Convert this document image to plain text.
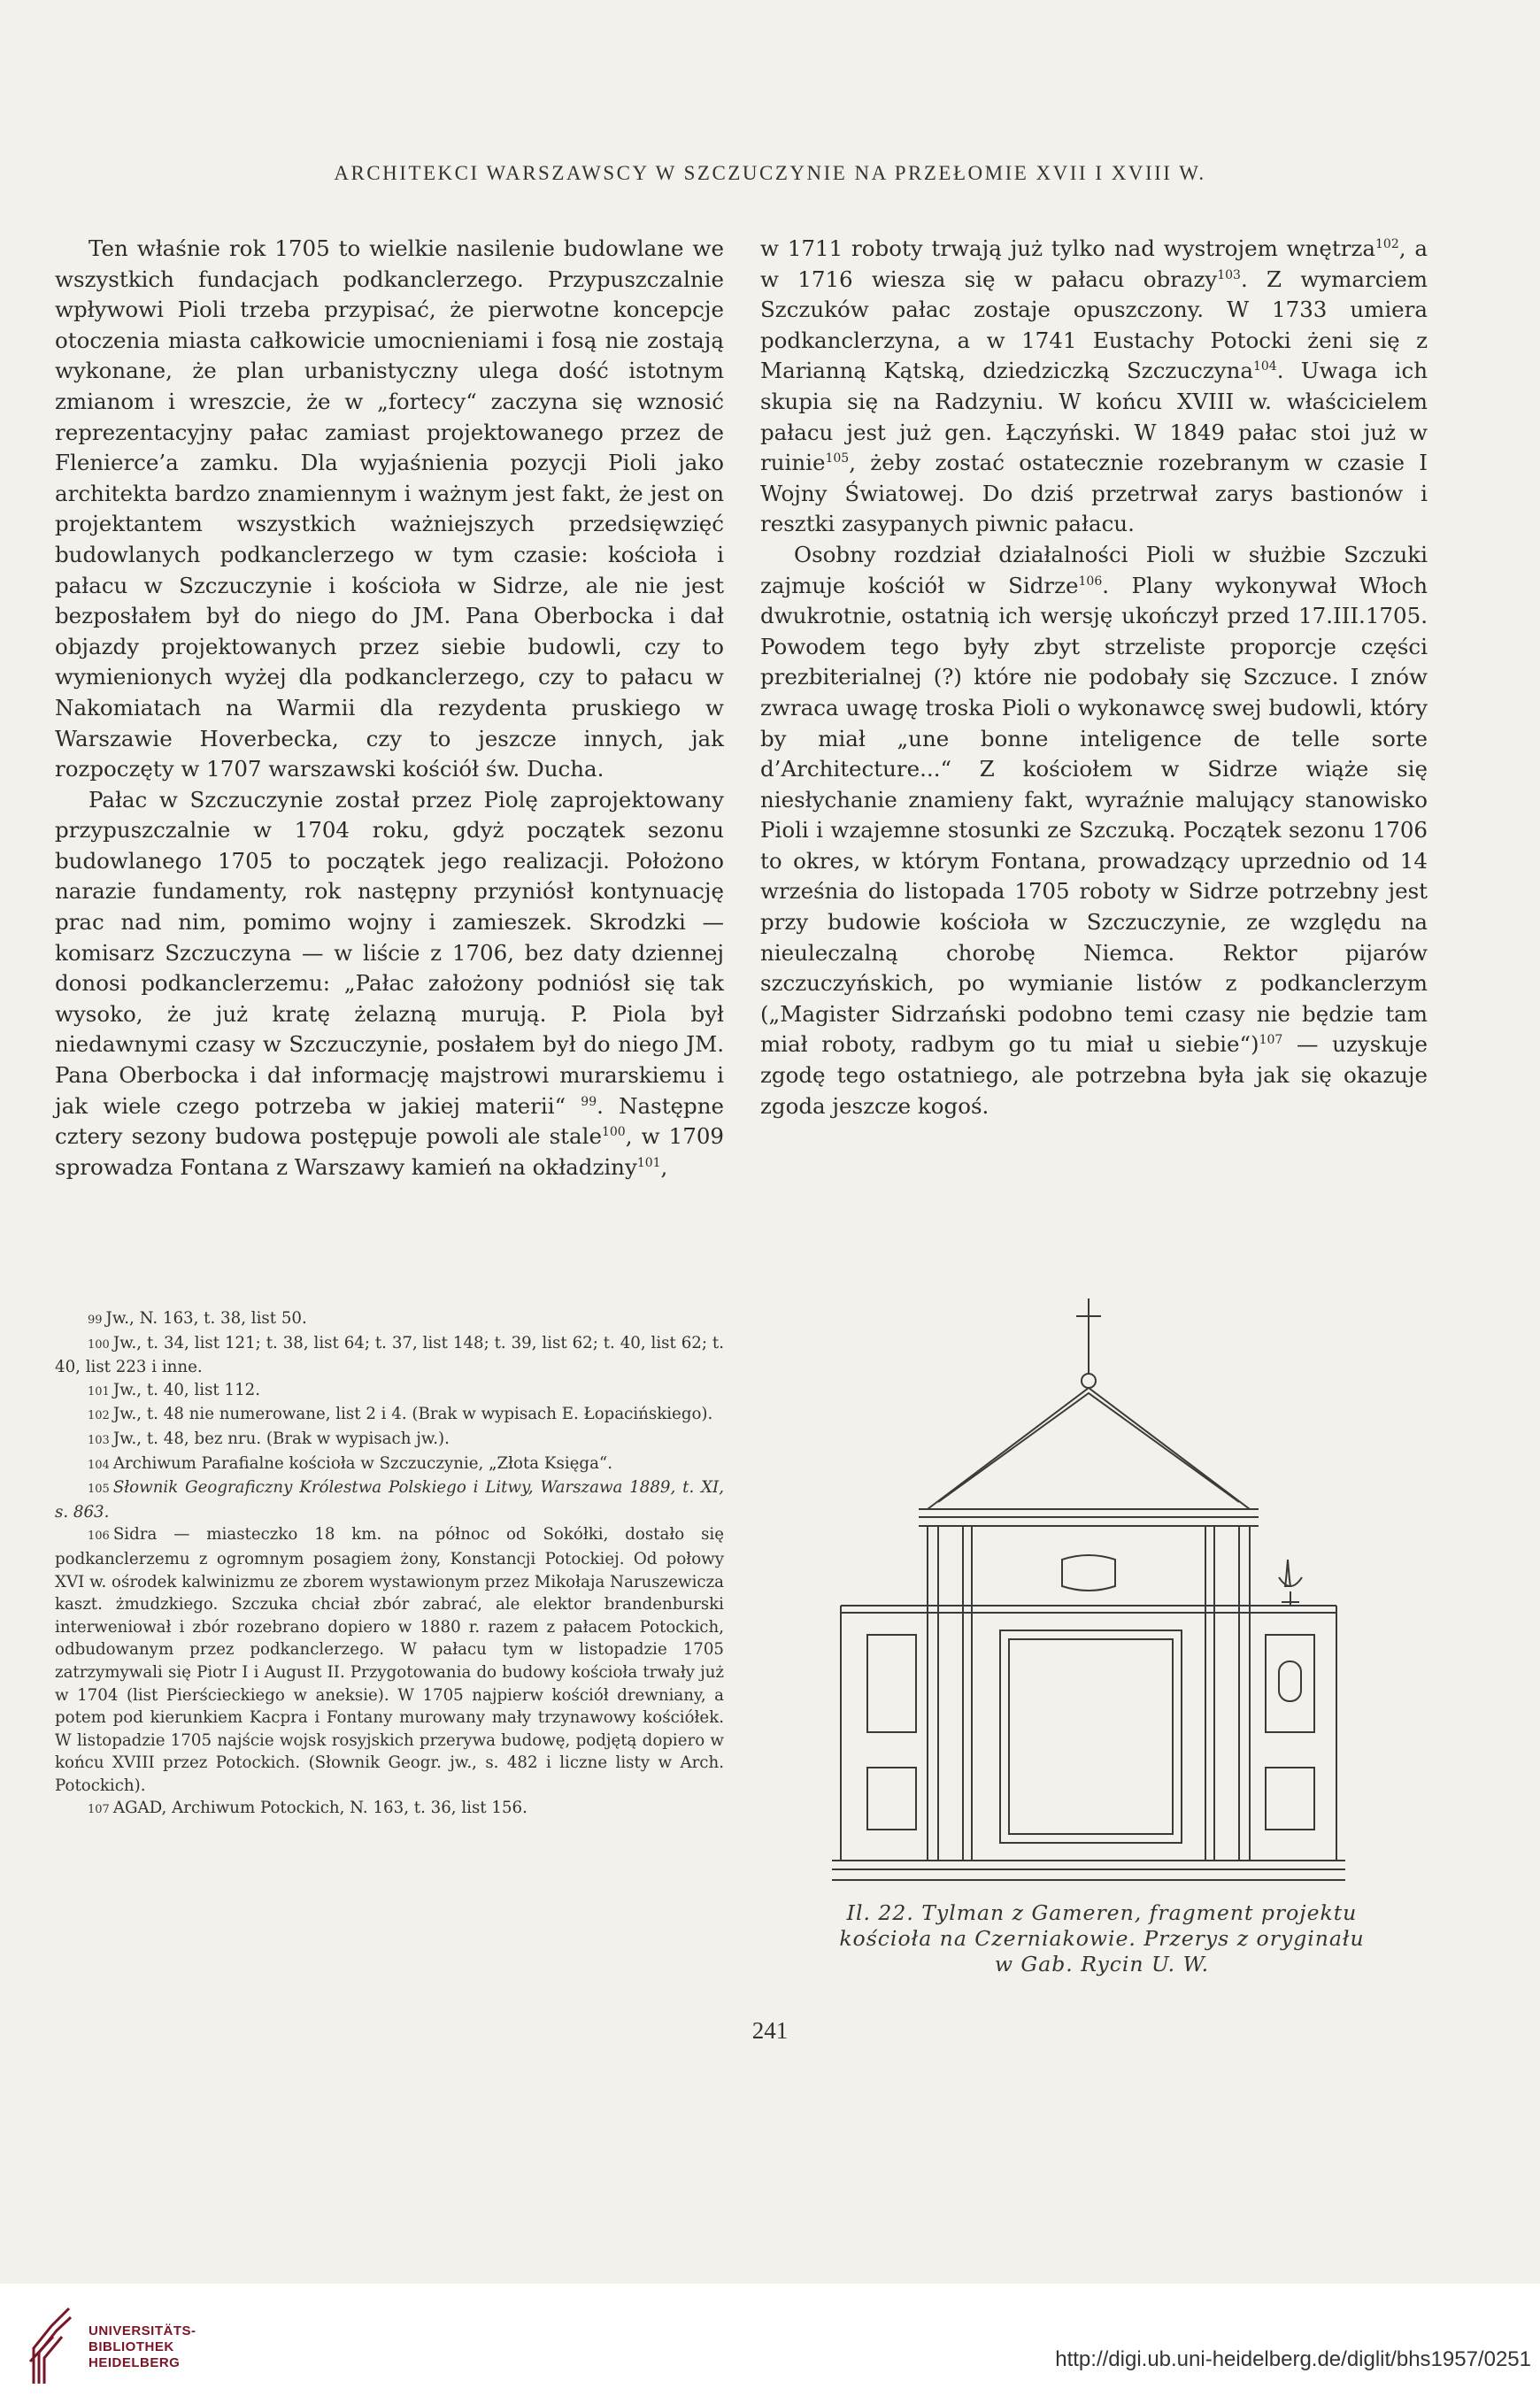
ARCHITEKCI WARSZAWSCY W SZCZUCZYNIE NA PRZEŁOMIE XVII I XVIII W.

Ten właśnie rok 1705 to wielkie nasilenie budowlane we wszystkich fundacjach podkanclerzego. Przypuszczalnie wpływowi Pioli trzeba przypisać, że pierwotne koncepcje otoczenia miasta całkowicie umocnieniami i fosą nie zostają wykonane, że plan urbanistyczny ulega dość istotnym zmianom i wreszcie, że w „fortecy“ zaczyna się wznosić reprezentacyjny pałac zamiast projektowanego przez de Flenierce’a zamku. Dla wyjaśnienia pozycji Pioli jako architekta bardzo znamiennym i ważnym jest fakt, że jest on projektantem wszystkich ważniejszych przedsięwzięć budowlanych podkanclerzego w tym czasie: kościoła i pałacu w Szczuczynie i kościoła w Sidrze, ale nie jest bezposłałem był do niego do JM. Pana Oberbocka i dał objazdy projektowanych przez siebie budowli, czy to wymienionych wyżej dla podkanclerzego, czy to pałacu w Nakomiatach na Warmii dla rezydenta pruskiego w Warszawie Hoverbecka, czy to jeszcze innych, jak rozpoczęty w 1707 warszawski kościół św. Ducha.

Pałac w Szczuczynie został przez Piolę zaprojektowany przypuszczalnie w 1704 roku, gdyż początek sezonu budowlanego 1705 to początek jego realizacji. Położono narazie fundamenty, rok następny przyniósł kontynuację prac nad nim, pomimo wojny i zamieszek. Skrodzki — komisarz Szczuczyna — w liście z 1706, bez daty dziennej donosi podkanclerzemu: „Pałac założony podniósł się tak wysoko, że już kratę żelazną murują. P. Piola był niedawnymi czasy w Szczuczynie, posłałem był do niego JM. Pana Oberbocka i dał informację majstrowi murarskiemu i jak wiele czego potrzeba w jakiej materii“ $^{99}$. Następne cztery sezony budowa postępuje powoli ale stale$^{100}$, w 1709 sprowadza Fontana z Warszawy kamień na okładziny$^{101}$,

w 1711 roboty trwają już tylko nad wystrojem wnętrza$^{102}$, a w 1716 wiesza się w pałacu obrazy$^{103}$. Z wymarciem Szczuków pałac zostaje opuszczony. W 1733 umiera podkanclerzyna, a w 1741 Eustachy Potocki żeni się z Marianną Kątską, dziedziczką Szczuczyna$^{104}$. Uwaga ich skupia się na Radzyniu. W końcu XVIII w. właścicielem pałacu jest już gen. Łączyński. W 1849 pałac stoi już w ruinie$^{105}$, żeby zostać ostatecznie rozebranym w czasie I Wojny Światowej. Do dziś przetrwał zarys bastionów i resztki zasypanych piwnic pałacu.

Osobny rozdział działalności Pioli w służbie Szczuki zajmuje kościół w Sidrze$^{106}$. Plany wykonywał Włoch dwukrotnie, ostatnią ich wersję ukończył przed 17.III.1705. Powodem tego były zbyt strzeliste proporcje części prezbiterialnej (?) które nie podobały się Szczuce. I znów zwraca uwagę troska Pioli o wykonawcę swej budowli, który by miał „une bonne inteligence de telle sorte d’Architecture...“ Z kościołem w Sidrze wiąże się niesłychanie znamieny fakt, wyraźnie malujący stanowisko Pioli i wzajemne stosunki ze Szczuką. Początek sezonu 1706 to okres, w którym Fontana, prowadzący uprzednio od 14 września do listopada 1705 roboty w Sidrze potrzebny jest przy budowie kościoła w Szczuczynie, ze względu na nieuleczalną chorobę Niemca. Rektor pijarów szczuczyńskich, po wymianie listów z podkanclerzym („Magister Sidrzański podobno temi czasy nie będzie tam miał roboty, radbym go tu miał u siebie“)$^{107}$ — uzyskuje zgodę tego ostatniego, ale potrzebna była jak się okazuje zgoda jeszcze kogoś.

99 Jw., N. 163, t. 38, list 50.

100 Jw., t. 34, list 121; t. 38, list 64; t. 37, list 148; t. 39, list 62; t. 40, list 62; t. 40, list 223 i inne.

101 Jw., t. 40, list 112.

102 Jw., t. 48 nie numerowane, list 2 i 4. (Brak w wypisach E. Łopacińskiego).

103 Jw., t. 48, bez nru. (Brak w wypisach jw.).

104 Archiwum Parafialne kościoła w Szczuczynie, „Złota Księga“.

105 Słownik Geograficzny Królestwa Polskiego i Litwy, Warszawa 1889, t. XI, s. 863.

106 Sidra — miasteczko 18 km. na północ od Sokółki, dostało się podkanclerzemu z ogromnym posagiem żony, Konstancji Potockiej. Od połowy XVI w. ośrodek kalwinizmu ze zborem wystawionym przez Mikołaja Naruszewicza kaszt. żmudzkiego. Szczuka chciał zbór zabrać, ale elektor brandenburski interweniował i zbór rozebrano dopiero w 1880 r. razem z pałacem Potockich, odbudowanym przez podkanclerzego. W pałacu tym w listopadzie 1705 zatrzymywali się Piotr I i August II. Przygotowania do budowy kościoła trwały już w 1704 (list Pierścieckiego w aneksie). W 1705 najpierw kościół drewniany, a potem pod kierunkiem Kacpra i Fontany murowany mały trzynawowy kościółek. W listopadzie 1705 najście wojsk rosyjskich przerywa budowę, podjętą dopiero w końcu XVIII przez Potockich. (Słownik Geogr. jw., s. 482 i liczne listy w Arch. Potockich).

107 AGAD, Archiwum Potockich, N. 163, t. 36, list 156.

Il. 22. Tylman z Gameren, fragment projektu
kościoła na Czerniakowie. Przerys z oryginału
w Gab. Rycin U. W.
241
UNIVERSITÄTS-
BIBLIOTHEK
HEIDELBERG	http://digi.ub.uni-heidelberg.de/diglit/bhs1957/0251
